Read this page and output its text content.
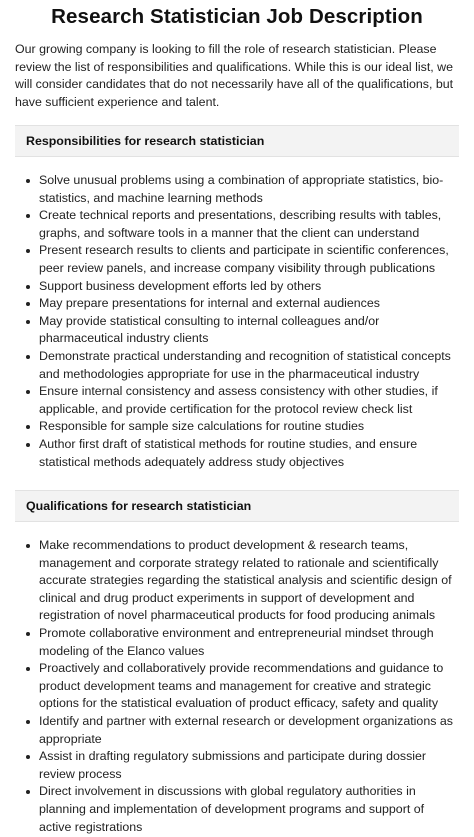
Research Statistician Job Description

Our growing company is looking to fill the role of research statistician. Please review the list of responsibilities and qualifications. While this is our ideal list, we will consider candidates that do not necessarily have all of the qualifications, but have sufficient experience and talent.

Responsibilities for research statistician
Solve unusual problems using a combination of appropriate statistics, bio-statistics, and machine learning methods
Create technical reports and presentations, describing results with tables, graphs, and software tools in a manner that the client can understand
Present research results to clients and participate in scientific conferences, peer review panels, and increase company visibility through publications
Support business development efforts led by others
May prepare presentations for internal and external audiences
May provide statistical consulting to internal colleagues and/or pharmaceutical industry clients
Demonstrate practical understanding and recognition of statistical concepts and methodologies appropriate for use in the pharmaceutical industry
Ensure internal consistency and assess consistency with other studies, if applicable, and provide certification for the protocol review check list
Responsible for sample size calculations for routine studies
Author first draft of statistical methods for routine studies, and ensure statistical methods adequately address study objectives
Qualifications for research statistician
Make recommendations to product development & research teams, management and corporate strategy related to rationale and scientifically accurate strategies regarding the statistical analysis and scientific design of clinical and drug product experiments in support of development and registration of novel pharmaceutical products for food producing animals
Promote collaborative environment and entrepreneurial mindset through modeling of the Elanco values
Proactively and collaboratively provide recommendations and guidance to product development teams and management for creative and strategic options for the statistical evaluation of product efficacy, safety and quality
Identify and partner with external research or development organizations as appropriate
Assist in drafting regulatory submissions and participate during dossier review process
Direct involvement in discussions with global regulatory authorities in planning and implementation of development programs and support of active registrations
